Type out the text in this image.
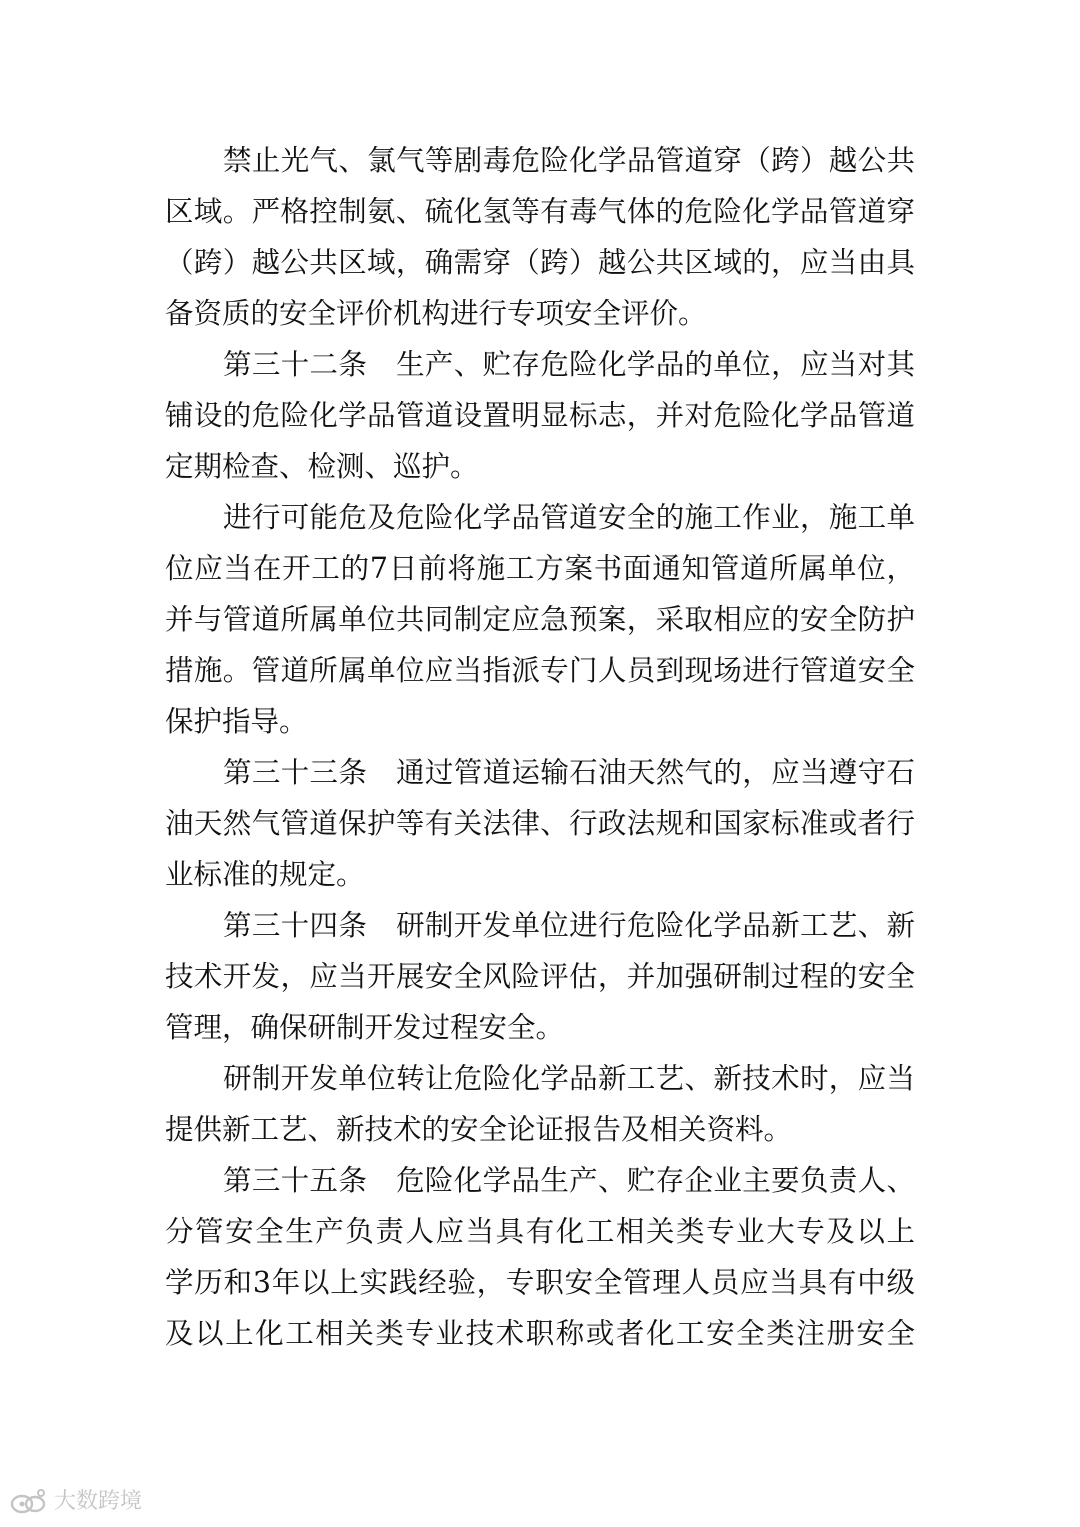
禁止光气、氯气等剧毒危险化学品管道穿（跨）越公共
区域。严格控制氨、硫化氢等有毒气体的危险化学品管道穿
（跨）越公共区域，确需穿（跨）越公共区域的，应当由具
备资质的安全评价机构进行专项安全评价。

第三十二条　生产、贮存危险化学品的单位，应当对其
铺设的危险化学品管道设置明显标志，并对危险化学品管道
定期检查、检测、巡护。

进行可能危及危险化学品管道安全的施工作业，施工单
位应当在开工的7日前将施工方案书面通知管道所属单位，
并与管道所属单位共同制定应急预案，采取相应的安全防护
措施。管道所属单位应当指派专门人员到现场进行管道安全
保护指导。

第三十三条　通过管道运输石油天然气的，应当遵守石
油天然气管道保护等有关法律、行政法规和国家标准或者行
业标准的规定。

第三十四条　研制开发单位进行危险化学品新工艺、新
技术开发，应当开展安全风险评估，并加强研制过程的安全
管理，确保研制开发过程安全。

研制开发单位转让危险化学品新工艺、新技术时，应当
提供新工艺、新技术的安全论证报告及相关资料。

第三十五条　危险化学品生产、贮存企业主要负责人、
分管安全生产负责人应当具有化工相关类专业大专及以上
学历和3年以上实践经验，专职安全管理人员应当具有中级
及以上化工相关类专业技术职称或者化工安全类注册安全

大数跨境
